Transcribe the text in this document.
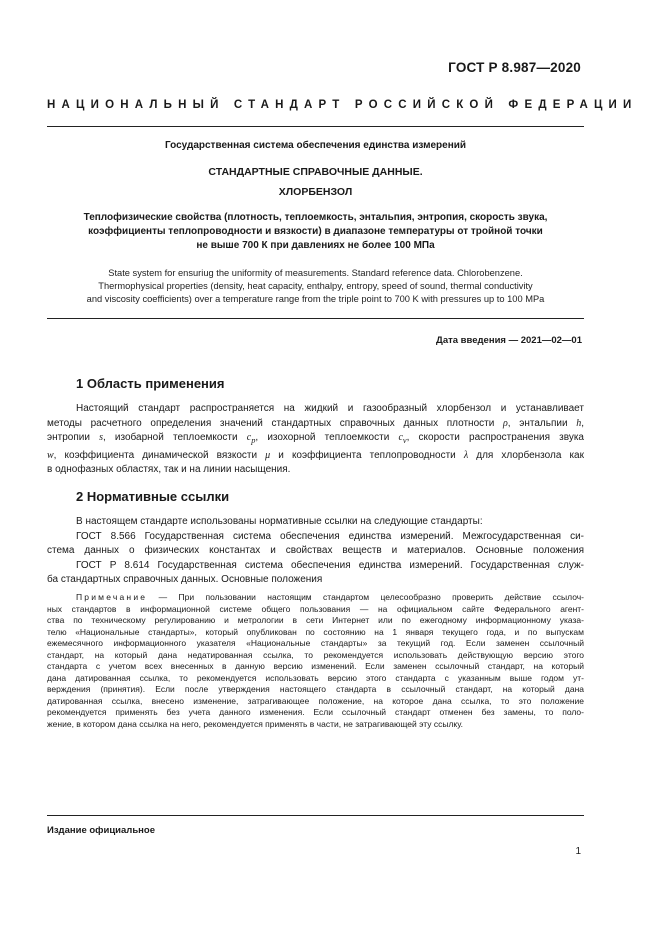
ГОСТ Р 8.987—2020
НАЦИОНАЛЬНЫЙ СТАНДАРТ РОССИЙСКОЙ ФЕДЕРАЦИИ
Государственная система обеспечения единства измерений
СТАНДАРТНЫЕ СПРАВОЧНЫЕ ДАННЫЕ.
ХЛОРБЕНЗОЛ
Теплофизические свойства (плотность, теплоемкость, энтальпия, энтропия, скорость звука,
коэффициенты теплопроводности и вязкости) в диапазоне температуры от тройной точки
не выше 700 К при давлениях не более 100 МПа
State system for ensuriug the uniformity of measurements. Standard reference data. Chlorobenzene.
Thermophysical properties (density, heat capacity, enthalpy, entropy, speed of sound, thermal conductivity
and viscosity coefficients) over a temperature range from the triple point to 700 K with pressures up to 100 MPa
Дата введения — 2021—02—01
1 Область применения
Настоящий стандарт распространяется на жидкий и газообразный хлорбензол и устанавливает
методы расчетного определения значений стандартных справочных данных плотности ρ, энтальпии h,
энтропии s, изобарной теплоемкости $c_p$, изохорной теплоемкости $c_v$, скорости распространения звука
w, коэффициента динамической вязкости μ и коэффициента теплопроводности λ для хлорбензола как
в однофазных областях, так и на линии насыщения.
2 Нормативные ссылки
В настоящем стандарте использованы нормативные ссылки на следующие стандарты:
ГОСТ 8.566 Государственная система обеспечения единства измерений. Межгосударственная си-
стема данных о физических константах и свойствах веществ и материалов. Основные положения
ГОСТ Р 8.614 Государственная система обеспечения единства измерений. Государственная служ-
ба стандартных справочных данных. Основные положения
Примечание — При пользовании настоящим стандартом целесообразно проверить действие ссылоч-
ных стандартов в информационной системе общего пользования — на официальном сайте Федерального агент-
ства по техническому регулированию и метрологии в сети Интернет или по ежегодному информационному указа-
телю «Национальные стандарты», который опубликован по состоянию на 1 января текущего года, и по выпускам
ежемесячного информационного указателя «Национальные стандарты» за текущий год. Если заменен ссылочный
стандарт, на который дана недатированная ссылка, то рекомендуется использовать действующую версию этого
стандарта с учетом всех внесенных в данную версию изменений. Если заменен ссылочный стандарт, на который
дана датированная ссылка, то рекомендуется использовать версию этого стандарта с указанным выше годом ут-
верждения (принятия). Если после утверждения настоящего стандарта в ссылочный стандарт, на который дана
датированная ссылка, внесено изменение, затрагивающее положение, на которое дана ссылка, то это положение
рекомендуется применять без учета данного изменения. Если ссылочный стандарт отменен без замены, то поло-
жение, в котором дана ссылка на него, рекомендуется применять в части, не затрагивающей эту ссылку.
Издание официальное
1
